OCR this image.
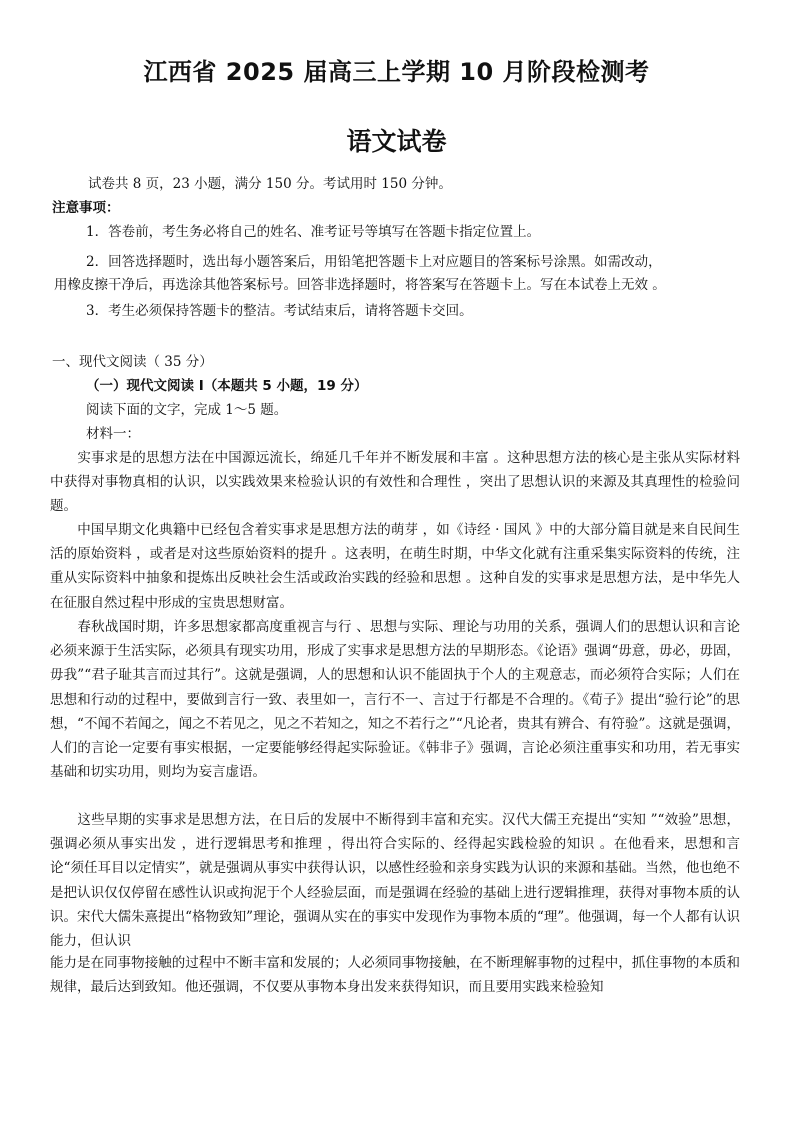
江西省 2025 届高三上学期 10 月阶段检测考
语文试卷
试卷共 8 页，23 小题，满分 150 分。考试用时 150 分钟。
注意事项：
1．答卷前，考生务必将自己的姓名、准考证号等填写在答题卡指定位置上。
2．回答选择题时，选出每小题答案后，用铅笔把答题卡上对应题目的答案标号涂黑。如需改动，
用橡皮擦干净后，再选涂其他答案标号。回答非选择题时，将答案写在答题卡上。写在本试卷上无效 。
3．考生必须保持答题卡的整洁。考试结束后，请将答题卡交回。
一、现代文阅读（ 35 分）
（一）现代文阅读 I（本题共 5 小题，19 分）
阅读下面的文字，完成 1～5 题。
材料一：

　　实事求是的思想方法在中国源远流长，绵延几千年并不断发展和丰富 。这种思想方法的核心是主张从实际材料中获得对事物真相的认识，以实践效果来检验认识的有效性和合理性 ，突出了思想认识的来源及其真理性的检验问题。

　　中国早期文化典籍中已经包含着实事求是思想方法的萌芽 ，如《诗经 · 国风 》中的大部分篇目就是来自民间生活的原始资料 ，或者是对这些原始资料的提升 。这表明，在萌生时期，中华文化就有注重采集实际资料的传统，注重从实际资料中抽象和提炼出反映社会生活或政治实践的经验和思想 。这种自发的实事求是思想方法，是中华先人在征服自然过程中形成的宝贵思想财富。

　　春秋战国时期，许多思想家都高度重视言与行 、思想与实际、理论与功用的关系，强调人们的思想认识和言论必须来源于生活实际，必须具有现实功用，形成了实事求是思想方法的早期形态。《论语》强调“毋意，毋必，毋固，毋我”“君子耻其言而过其行”。这就是强调，人的思想和认识不能固执于个人的主观意志，而必须符合实际；人们在思想和行动的过程中，要做到言行一致、表里如一，言行不一、言过于行都是不合理的。《荀子》提出“验行论”的思想，“不闻不若闻之，闻之不若见之，见之不若知之，知之不若行之”“凡论者，贵其有辨合、有符验”。这就是强调，人们的言论一定要有事实根据，一定要能够经得起实际验证。《韩非子》强调，言论必须注重事实和功用，若无事实基础和切实功用，则均为妄言虚语。

　　这些早期的实事求是思想方法，在日后的发展中不断得到丰富和充实。汉代大儒王充提出“实知 ”“效验”思想，强调必须从事实出发 ，进行逻辑思考和推理 ，得出符合实际的、经得起实践检验的知识 。在他看来，思想和言论“须任耳目以定情实”，就是强调从事实中获得认识，以感性经验和亲身实践为认识的来源和基础。当然，他也绝不是把认识仅仅停留在感性认识或拘泥于个人经验层面，而是强调在经验的基础上进行逻辑推理，获得对事物本质的认识。宋代大儒朱熹提出“格物致知”理论，强调从实在的事实中发现作为事物本质的“理”。他强调，每一个人都有认识能力，但认识

能力是在同事物接触的过程中不断丰富和发展的；人必须同事物接触，在不断理解事物的过程中，抓住事物的本质和规律，最后达到致知。他还强调，不仅要从事物本身出发来获得知识，而且要用实践来检验知
